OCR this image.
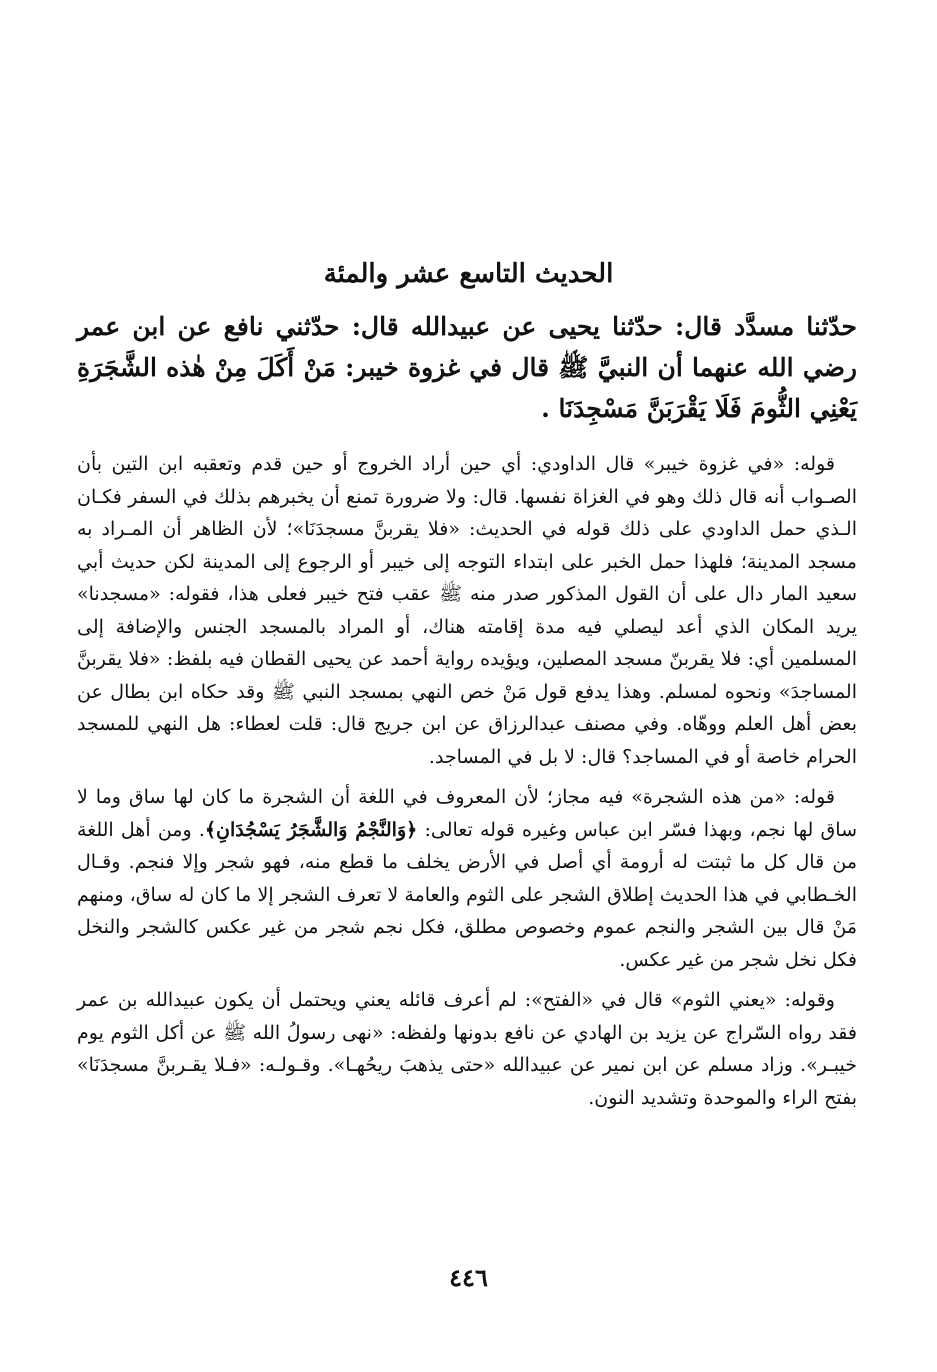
الحديث التاسع عشر والمئة

حدّثنا مسدَّد قال: حدّثنا يحيى عن عبيدالله قال: حدّثني نافع عن ابن عمر رضي الله عنهما أن النبيَّ ﷺ قال في غزوة خيبر: مَنْ أَكَلَ مِنْ هٰذه الشَّجَرَةِ يَعْنِي الثُّومَ فَلَا يَقْرَبَنَّ مَسْجِدَنَا .

قوله: «في غزوة خيبر» قال الداودي: أي حين أراد الخروج أو حين قدم وتعقبه ابن التين بأن الصـواب أنه قال ذلك وهو في الغزاة نفسها. قال: ولا ضرورة تمنع أن يخبرهم بذلك في السفر فكـان الـذي حمل الداودي على ذلك قوله في الحديث: «فلا يقربنَّ مسجدَنَا»؛ لأن الظاهر أن المـراد به مسجد المدينة؛ فلهذا حمل الخبر على ابتداء التوجه إلى خيبر أو الرجوع إلى المدينة لكن حديث أبي سعيد المار دال على أن القول المذكور صدر منه ﷺ عقب فتح خيبر فعلى هذا، فقوله: «مسجدنا» يريد المكان الذي أعد ليصلي فيه مدة إقامته هناك، أو المراد بالمسجد الجنس والإضافة إلى المسلمين أي: فلا يقربنّ مسجد المصلين، ويؤيده رواية أحمد عن يحيى القطان فيه بلفظ: «فلا يقربنَّ المساجدَ» ونحوه لمسلم. وهذا يدفع قول مَنْ خص النهي بمسجد النبي ﷺ وقد حكاه ابن بطال عن بعض أهل العلم ووهّاه. وفي مصنف عبدالرزاق عن ابن جريج قال: قلت لعطاء: هل النهي للمسجد الحرام خاصة أو في المساجد؟ قال: لا بل في المساجد.

قوله: «من هذه الشجرة» فيه مجاز؛ لأن المعروف في اللغة أن الشجرة ما كان لها ساق وما لا ساق لها نجم، وبهذا فسّر ابن عباس وغيره قوله تعالى: ﴿وَالنَّجْمُ وَالشَّجَرُ يَسْجُدَانِ﴾. ومن أهل اللغة من قال كل ما ثبتت له أرومة أي أصل في الأرض يخلف ما قطع منه، فهو شجر وإلا فنجم. وقـال الخـطابي في هذا الحديث إطلاق الشجر على الثوم والعامة لا تعرف الشجر إلا ما كان له ساق، ومنهم مَنْ قال بين الشجر والنجم عموم وخصوص مطلق، فكل نجم شجر من غير عكس كالشجر والنخل فكل نخل شجر من غير عكس.

وقوله: «يعني الثوم» قال في «الفتح»: لم أعرف قائله يعني ويحتمل أن يكون عبيدالله بن عمر فقد رواه السّراج عن يزيد بن الهادي عن نافع بدونها ولفظه: «نهى رسولُ الله ﷺ عن أكل الثوم يوم خيبـر». وزاد مسلم عن ابن نمير عن عبيدالله «حتى يذهبَ ريحُهـا». وقـولـه: «فـلا يقـربنَّ مسجدَنَا» بفتح الراء والموحدة وتشديد النون.

٤٤٦
